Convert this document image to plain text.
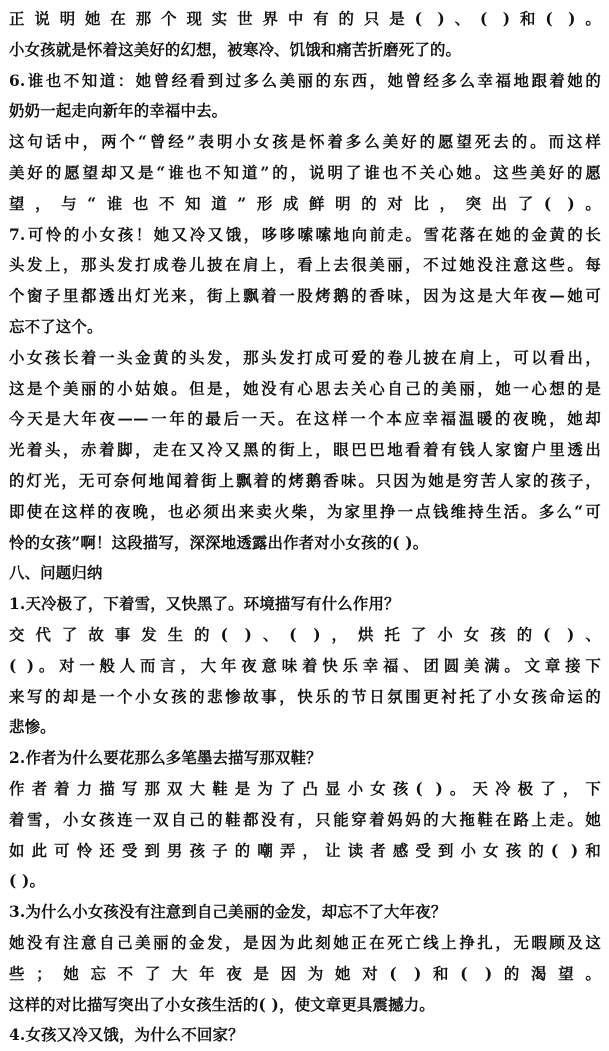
正说明她在那个现实世界中有的只是( )、( )和( )。
小女孩就是怀着这美好的幻想，被寒冷、饥饿和痛苦折磨死了的。
6.谁也不知道：她曾经看到过多么美丽的东西，她曾经多么幸福地跟着她的
奶奶一起走向新年的幸福中去。
这句话中，两个“曾经”表明小女孩是怀着多么美好的愿望死去的。而这样
美好的愿望却又是“谁也不知道”的，说明了谁也不关心她。这些美好的愿
望，与“谁也不知道”形成鲜明的对比，突出了( )。
7.可怜的小女孩！她又冷又饿，哆哆嗦嗦地向前走。雪花落在她的金黄的长
头发上，那头发打成卷儿披在肩上，看上去很美丽，不过她没注意这些。每
个窗子里都透出灯光来，街上飘着一股烤鹅的香味，因为这是大年夜—她可
忘不了这个。
小女孩长着一头金黄的头发，那头发打成可爱的卷儿披在肩上，可以看出，
这是个美丽的小姑娘。但是，她没有心思去关心自己的美丽，她一心想的是
今天是大年夜——一年的最后一天。在这样一个本应幸福温暖的夜晚，她却
光着头，赤着脚，走在又冷又黑的街上，眼巴巴地看着有钱人家窗户里透出
的灯光，无可奈何地闻着街上飘着的烤鹅香味。只因为她是穷苦人家的孩子，
即使在这样的夜晚，也必须出来卖火柴，为家里挣一点钱维持生活。多么“可
怜的女孩”啊！这段描写，深深地透露出作者对小女孩的( )。
八、问题归纳
1.天冷极了，下着雪，又快黑了。环境描写有什么作用？
交代了故事发生的( )、( )，烘托了小女孩的( )、
( )。对一般人而言，大年夜意味着快乐幸福、团圆美满。文章接下
来写的却是一个小女孩的悲惨故事，快乐的节日氛围更衬托了小女孩命运的
悲惨。
2.作者为什么要花那么多笔墨去描写那双鞋？
作者着力描写那双大鞋是为了凸显小女孩( )。天冷极了，下
着雪，小女孩连一双自己的鞋都没有，只能穿着妈妈的大拖鞋在路上走。她
如此可怜还受到男孩子的嘲弄，让读者感受到小女孩的( )和
( )。
3.为什么小女孩没有注意到自己美丽的金发，却忘不了大年夜？
她没有注意自己美丽的金发，是因为此刻她正在死亡线上挣扎，无暇顾及这
些；她忘不了大年夜是因为她对( )和( )的渴望。
这样的对比描写突出了小女孩生活的( )，使文章更具震撼力。
4.女孩又冷又饿，为什么不回家？
